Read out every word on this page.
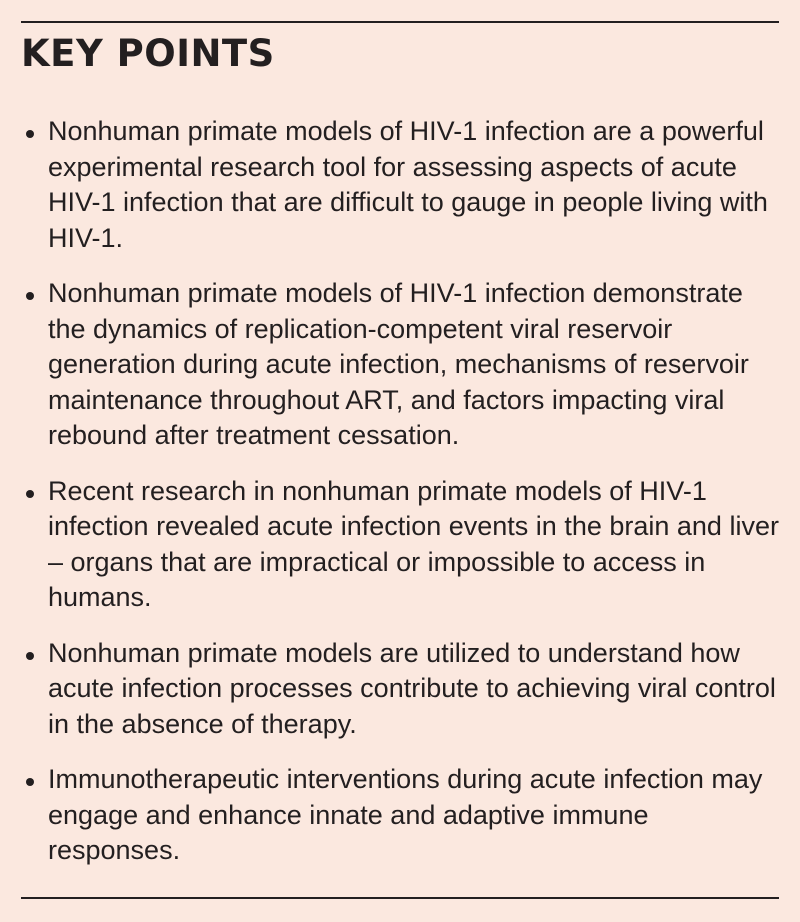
KEY POINTS
Nonhuman primate models of HIV-1 infection are a powerful experimental research tool for assessing aspects of acute HIV-1 infection that are difficult to gauge in people living with HIV-1.
Nonhuman primate models of HIV-1 infection demonstrate the dynamics of replication-competent viral reservoir generation during acute infection, mechanisms of reservoir maintenance throughout ART, and factors impacting viral rebound after treatment cessation.
Recent research in nonhuman primate models of HIV-1 infection revealed acute infection events in the brain and liver – organs that are impractical or impossible to access in humans.
Nonhuman primate models are utilized to understand how acute infection processes contribute to achieving viral control in the absence of therapy.
Immunotherapeutic interventions during acute infection may engage and enhance innate and adaptive immune responses.
